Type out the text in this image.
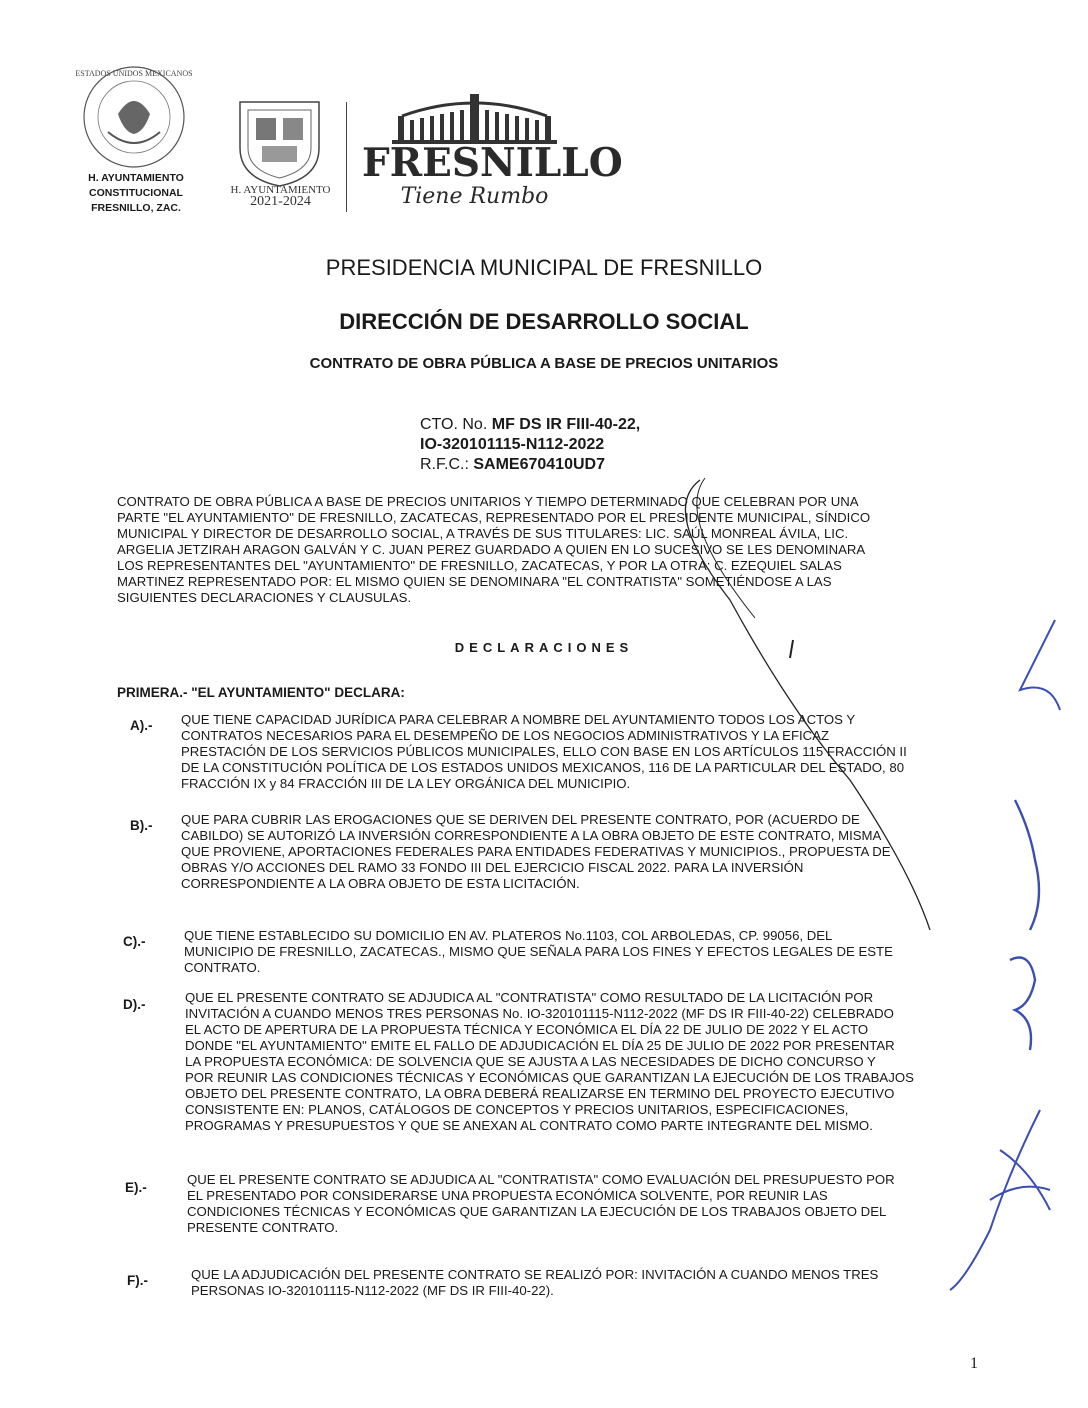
ESTADOS UNIDOS MEXICANOS
H. AYUNTAMIENTO
CONSTITUCIONAL
FRESNILLO, ZAC.
H. AYUNTAMIENTO
2021-2024
FRESNILLO
Tiene Rumbo
PRESIDENCIA MUNICIPAL DE FRESNILLO
DIRECCIÓN DE DESARROLLO SOCIAL
CONTRATO DE OBRA PÚBLICA A BASE DE PRECIOS UNITARIOS
CTO. No. MF DS IR FIII-40-22,
IO-320101115-N112-2022
R.F.C.: SAME670410UD7
CONTRATO DE OBRA PÚBLICA A BASE DE PRECIOS UNITARIOS Y TIEMPO DETERMINADO QUE CELEBRAN POR UNA
PARTE "EL AYUNTAMIENTO" DE FRESNILLO, ZACATECAS, REPRESENTADO POR EL PRESIDENTE MUNICIPAL, SÍNDICO
MUNICIPAL Y DIRECTOR DE DESARROLLO SOCIAL, A TRAVÉS DE SUS TITULARES: LIC. SAÚL MONREAL ÁVILA, LIC.
ARGELIA JETZIRAH ARAGON GALVÁN Y C. JUAN PEREZ GUARDADO A QUIEN EN LO SUCESIVO SE LES DENOMINARA
LOS REPRESENTANTES DEL "AYUNTAMIENTO" DE FRESNILLO, ZACATECAS, Y POR LA OTRA: C. EZEQUIEL SALAS
MARTINEZ REPRESENTADO POR: EL MISMO QUIEN SE DENOMINARA "EL CONTRATISTA" SOMETIÉNDOSE A LAS
SIGUIENTES DECLARACIONES Y CLAUSULAS.
DECLARACIONES
PRIMERA.- "EL AYUNTAMIENTO" DECLARA:
A).- QUE TIENE CAPACIDAD JURÍDICA PARA CELEBRAR A NOMBRE DEL AYUNTAMIENTO TODOS LOS ACTOS Y
CONTRATOS NECESARIOS PARA EL DESEMPEÑO DE LOS NEGOCIOS ADMINISTRATIVOS Y LA EFICAZ
PRESTACIÓN DE LOS SERVICIOS PÚBLICOS MUNICIPALES, ELLO CON BASE EN LOS ARTÍCULOS 115 FRACCIÓN II
DE LA CONSTITUCIÓN POLÍTICA DE LOS ESTADOS UNIDOS MEXICANOS, 116 DE LA PARTICULAR DEL ESTADO, 80
FRACCIÓN IX y 84 FRACCIÓN III DE LA LEY ORGÁNICA DEL MUNICIPIO.
B).- QUE PARA CUBRIR LAS EROGACIONES QUE SE DERIVEN DEL PRESENTE CONTRATO, POR (ACUERDO DE
CABILDO) SE AUTORIZÓ LA INVERSIÓN CORRESPONDIENTE A LA OBRA OBJETO DE ESTE CONTRATO, MISMA
QUE PROVIENE, APORTACIONES FEDERALES PARA ENTIDADES FEDERATIVAS Y MUNICIPIOS., PROPUESTA DE
OBRAS Y/O ACCIONES DEL RAMO 33 FONDO III DEL EJERCICIO FISCAL 2022. PARA LA INVERSIÓN
CORRESPONDIENTE A LA OBRA OBJETO DE ESTA LICITACIÓN.
C).-	QUE TIENE ESTABLECIDO SU DOMICILIO EN AV. PLATEROS No.1103, COL ARBOLEDAS, CP. 99056, DEL
MUNICIPIO DE FRESNILLO, ZACATECAS., MISMO QUE SEÑALA PARA LOS FINES Y EFECTOS LEGALES DE ESTE
CONTRATO.
D).-	QUE EL PRESENTE CONTRATO SE ADJUDICA AL "CONTRATISTA" COMO RESULTADO DE LA LICITACIÓN POR
INVITACIÓN A CUANDO MENOS TRES PERSONAS No. IO-320101115-N112-2022 (MF DS IR FIII-40-22) CELEBRADO
EL ACTO DE APERTURA DE LA PROPUESTA TÉCNICA Y ECONÓMICA EL DÍA 22 DE JULIO DE 2022 Y EL ACTO
DONDE "EL AYUNTAMIENTO" EMITE EL FALLO DE ADJUDICACIÓN EL DÍA 25 DE JULIO DE 2022 POR PRESENTAR
LA PROPUESTA ECONÓMICA: DE SOLVENCIA QUE SE AJUSTA A LAS NECESIDADES DE DICHO CONCURSO Y
POR REUNIR LAS CONDICIONES TÉCNICAS Y ECONÓMICAS QUE GARANTIZAN LA EJECUCIÓN DE LOS TRABAJOS
OBJETO DEL PRESENTE CONTRATO, LA OBRA DEBERÁ REALIZARSE EN TERMINO DEL PROYECTO EJECUTIVO
CONSISTENTE EN: PLANOS, CATÁLOGOS DE CONCEPTOS Y PRECIOS UNITARIOS, ESPECIFICACIONES,
PROGRAMAS Y PRESUPUESTOS Y QUE SE ANEXAN AL CONTRATO COMO PARTE INTEGRANTE DEL MISMO.
E).-
QUE EL PRESENTE CONTRATO SE ADJUDICA AL "CONTRATISTA" COMO EVALUACIÓN DEL PRESUPUESTO POR
EL PRESENTADO POR CONSIDERARSE UNA PROPUESTA ECONÓMICA SOLVENTE, POR REUNIR LAS
CONDICIONES TÉCNICAS Y ECONÓMICAS QUE GARANTIZAN LA EJECUCIÓN DE LOS TRABAJOS OBJETO DEL
PRESENTE CONTRATO.
F).-	QUE LA ADJUDICACIÓN DEL PRESENTE CONTRATO SE REALIZÓ POR: INVITACIÓN A CUANDO MENOS TRES
PERSONAS IO-320101115-N112-2022 (MF DS IR FIII-40-22).
1
